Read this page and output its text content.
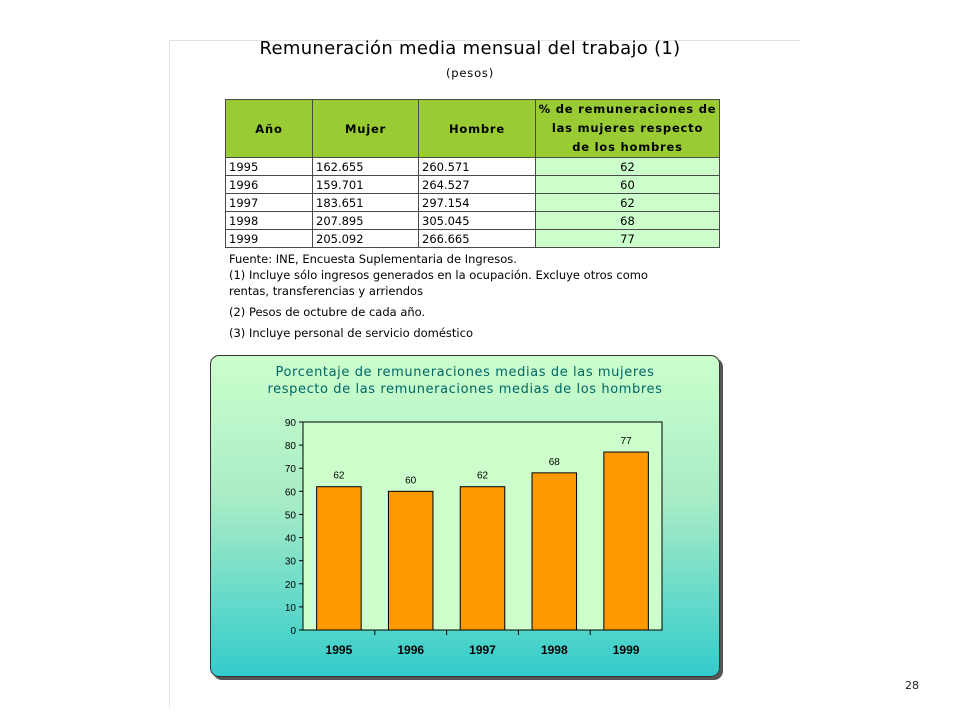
Remuneración media mensual del trabajo (1)
(pesos)
Año	Mujer	Hombre	% de remuneraciones de
las mujeres respecto
de los hombres

1995	162.655	260.571	62
1996	159.701	264.527	60
1997	183.651	297.154	62
1998	207.895	305.045	68
1999	205.092	266.665	77
Fuente: INE, Encuesta Suplementaria de Ingresos.
(1) Incluye sólo ingresos generados en la ocupación. Excluye otros como
rentas, transferencias y arriendos
(2) Pesos de octubre de cada año.
(3) Incluye personal de servicio doméstico
Porcentaje de remuneraciones medias de las mujeres
respecto de las remuneraciones medias de los hombres
0
10
20
30
40
50
60
70
80
90
62
1995
60
1996
62
1997
68
1998
77
1999
28
